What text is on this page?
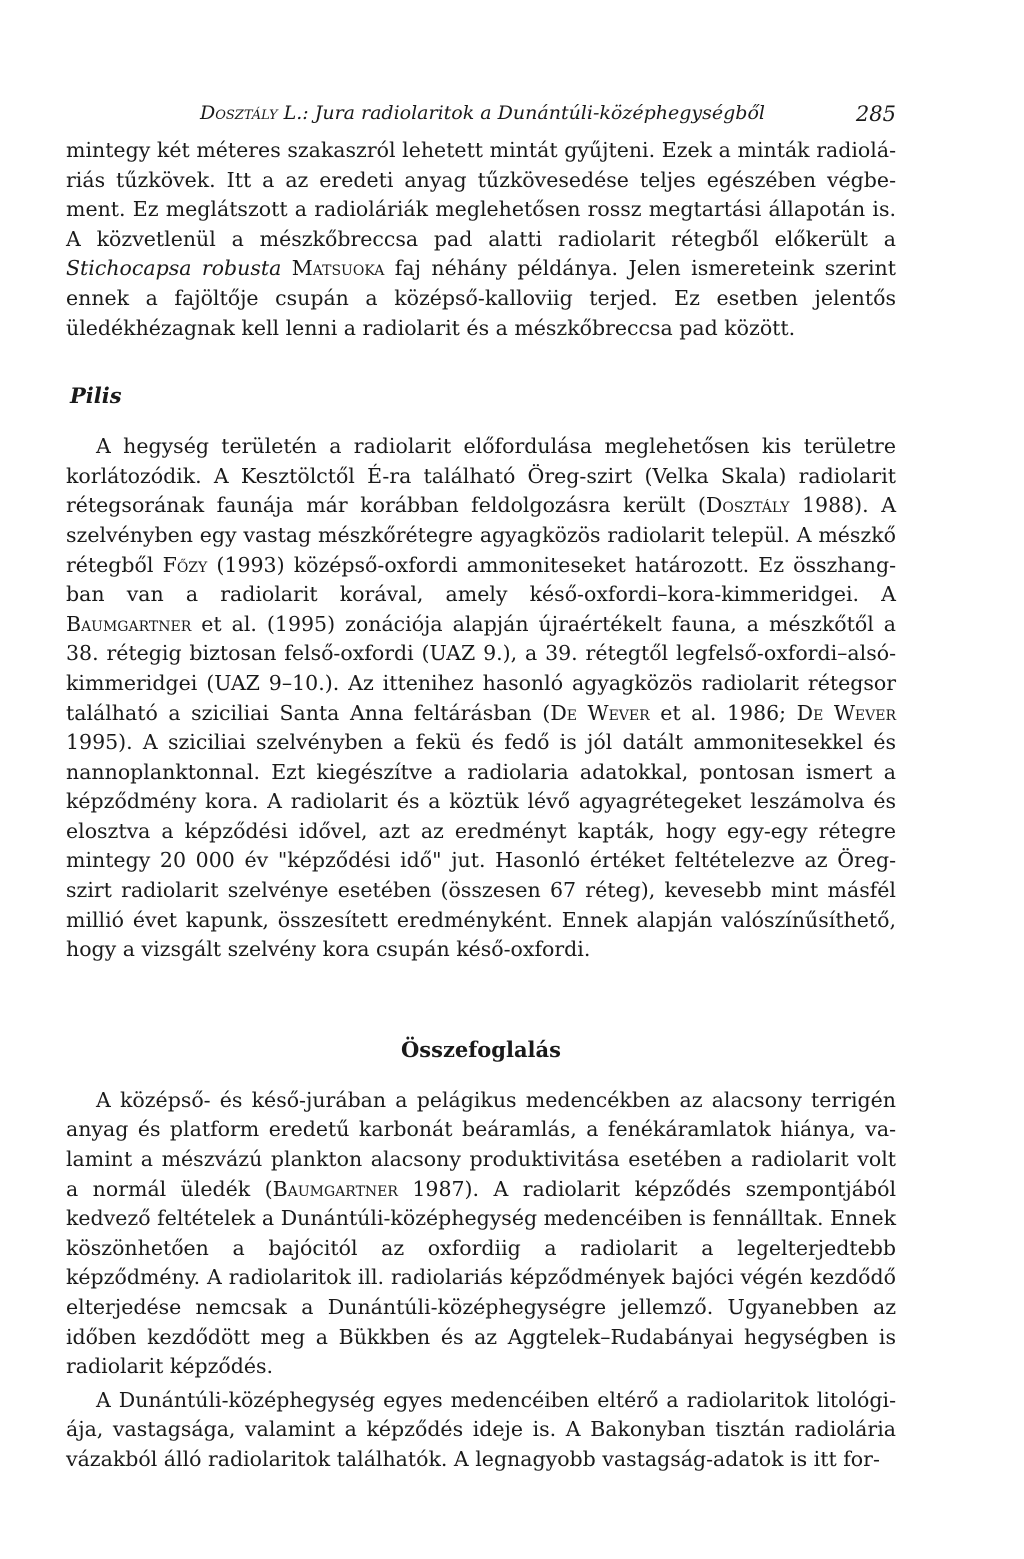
Dosztály L.: Jura radiolaritok a Dunántúli-középhegységből	285

mintegy két méteres szakaszról lehetett mintát gyűjteni. Ezek a minták radioláriás tűzkövek. Itt a az eredeti anyag tűzkövesedése teljes egészében végbement. Ez meglátszott a radioláriák meglehetősen rossz megtartási állapotán is. A közvetlenül a mészkőbreccsa pad alatti radiolarit rétegből előkerült a Stichocapsa robusta Matsuoka faj néhány példánya. Jelen ismereteink szerint ennek a fajöltője csupán a középső-kalloviig terjed. Ez esetben jelentős üledékhézagnak kell lenni a radiolarit és a mészkőbreccsa pad között.

Pilis

A hegység területén a radiolarit előfordulása meglehetősen kis területre korlátozódik. A Kesztölctől É-ra található Öreg-szirt (Velka Skala) radiolarit rétegsorának faunája már korábban feldolgozásra került (Dosztály 1988). A szelvényben egy vastag mészkőrétegre agyagközös radiolarit települ. A mészkő rétegből Főzy (1993) középső-oxfordi ammoniteseket határozott. Ez összhangban van a radiolarit korával, amely késő-oxfordi–kora-kimmeridgei. A Baumgartner et al. (1995) zonációja alapján újraértékelt fauna, a mészkőtől a 38. rétegig biztosan felső-oxfordi (UAZ 9.), a 39. rétegtől legfelső-oxfordi–alsókimmeridgei (UAZ 9–10.). Az ittenihez hasonló agyagközös radiolarit rétegsor található a sziciliai Santa Anna feltárásban (De Wever et al. 1986; De Wever 1995). A sziciliai szelvényben a fekü és fedő is jól datált ammonitesekkel és nannoplanktonnal. Ezt kiegészítve a radiolaria adatokkal, pontosan ismert a képződmény kora. A radiolarit és a köztük lévő agyagrétegeket leszámolva és elosztva a képződési idővel, azt az eredményt kapták, hogy egy-egy rétegre mintegy 20 000 év "képződési idő" jut. Hasonló értéket feltételezve az Öreg-szirt radiolarit szelvénye esetében (összesen 67 réteg), kevesebb mint másfél millió évet kapunk, összesített eredményként. Ennek alapján valószínűsíthető, hogy a vizsgált szelvény kora csupán késő-oxfordi.

Összefoglalás

A középső- és késő-jurában a pelágikus medencékben az alacsony terrigén anyag és platform eredetű karbonát beáramlás, a fenékáramlatok hiánya, valamint a mészvázú plankton alacsony produktivitása esetében a radiolarit volt a normál üledék (Baumgartner 1987). A radiolarit képződés szempontjából kedvező feltételek a Dunántúli-középhegység medencéiben is fennálltak. Ennek köszönhetően a bajócitól az oxfordiig a radiolarit a legelterjedtebb képződmény. A radiolaritok ill. radiolariás képződmények bajóci végén kezdődő elterjedése nemcsak a Dunántúli-középhegységre jellemző. Ugyanebben az időben kezdődött meg a Bükkben és az Aggtelek–Rudabányai hegységben is radiolarit képződés.

A Dunántúli-középhegység egyes medencéiben eltérő a radiolaritok litológiája, vastagsága, valamint a képződés ideje is. A Bakonyban tisztán radiolária vázakból álló radiolaritok találhatók. A legnagyobb vastagság-adatok is itt for-
